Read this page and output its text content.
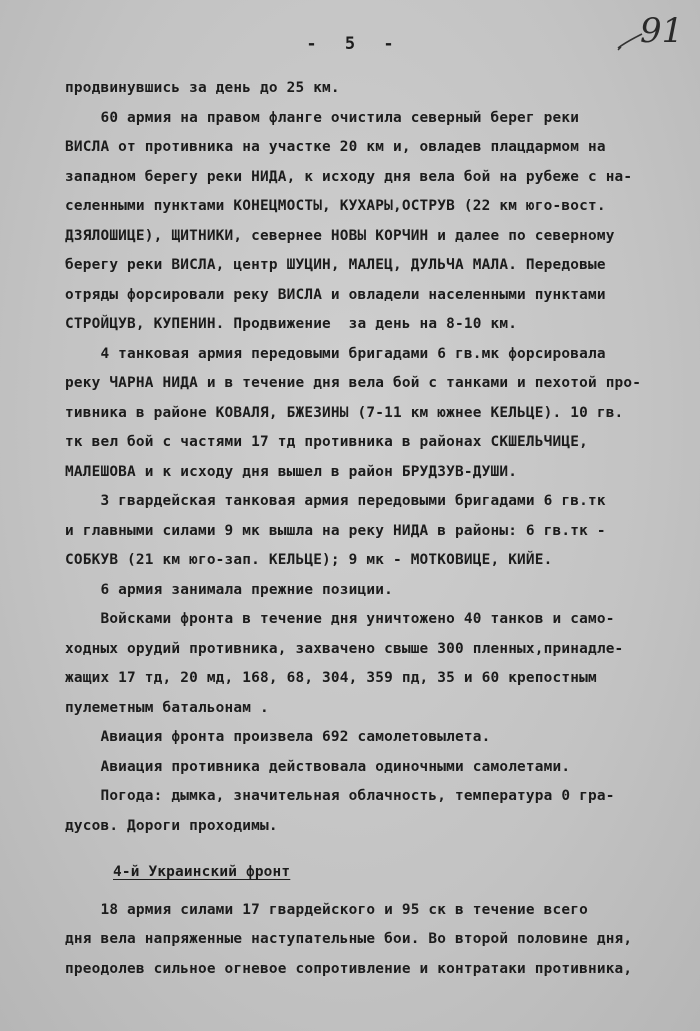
- 5 -	91
продвинувшись за день до 25 км.
60 армия на правом фланге очистила северный берег реки
ВИСЛА от противника на участке 20 км и, овладев плацдармом на
западном берегу реки НИДА, к исходу дня вела бой на рубеже с на-
селенными пунктами КОНЕЦМОСТЫ, КУХАРЫ,ОСТРУВ (22 км юго-вост.
ДЗЯЛОШИЦЕ), ЩИТНИКИ, севернее НОВЫ КОРЧИН и далее по северному
берегу реки ВИСЛА, центр ШУЦИН, МАЛЕЦ, ДУЛЬЧА МАЛА. Передовые
отряды форсировали реку ВИСЛА и овладели населенными пунктами
СТРОЙЦУВ, КУПЕНИН. Продвижение  за день на 8-10 км.
4 танковая армия передовыми бригадами 6 гв.мк форсировала
реку ЧАРНА НИДА и в течение дня вела бой с танками и пехотой про-
тивника в районе КОВАЛЯ, БЖЕЗИНЫ (7-11 км южнее КЕЛЬЦЕ). 10 гв.
тк вел бой с частями 17 тд противника в районах СКШЕЛЬЧИЦЕ,
МАЛЕШОВА и к исходу дня вышел в район БРУДЗУВ-ДУШИ.
3 гвардейская танковая армия передовыми бригадами 6 гв.тк
и главными силами 9 мк вышла на реку НИДА в районы: 6 гв.тк -
СОБКУВ (21 км юго-зап. КЕЛЬЦЕ); 9 мк - МОТКОВИЦЕ, КИЙЕ.
6 армия занимала прежние позиции.
Войсками фронта в течение дня уничтожено 40 танков и само-
ходных орудий противника, захвачено свыше 300 пленных,принадле-
жащих 17 тд, 20 мд, 168, 68, 304, 359 пд, 35 и 60 крепостным
пулеметным батальонам .
Авиация фронта произвела 692 самолетовылета.
Авиация противника действовала одиночными самолетами.
Погода: дымка, значительная облачность, температура 0 гра-
дусов. Дороги проходимы.
4-й Украинский фронт
18 армия силами 17 гвардейского и 95 ск в течение всего
дня вела напряженные наступательные бои. Во второй половине дня,
преодолев сильное огневое сопротивление и контратаки противника,
